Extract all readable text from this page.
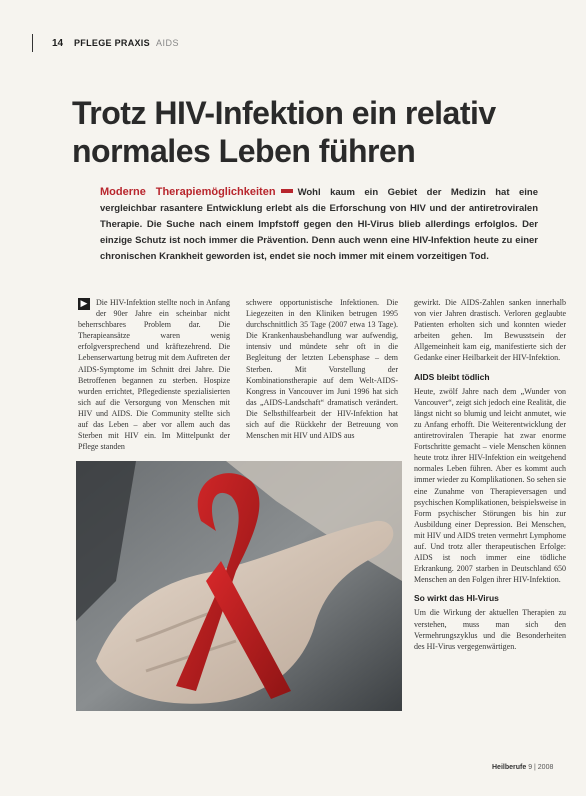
14 PFLEGE PRAXIS AIDS
Trotz HIV-Infektion ein relativ normales Leben führen
Moderne Therapiemöglichkeiten Wohl kaum ein Gebiet der Medizin hat eine vergleichbar rasantere Entwicklung erlebt als die Erforschung von HIV und der antiretroviralen Therapie. Die Suche nach einem Impfstoff gegen den HI-Virus blieb allerdings erfolglos. Der einzige Schutz ist noch immer die Prävention. Denn auch wenn eine HIV-Infektion heute zu einer chronischen Krankheit geworden ist, endet sie noch immer mit einem vorzeitigen Tod.
▶	Die HIV-Infektion stellte noch in Anfang der 90er Jahre ein scheinbar nicht beherrschbares Problem dar. Die Therapieansätze waren wenig erfolgversprechend und kräftezehrend. Die Lebenserwartung betrug mit dem Auftreten der AIDS-Symptome im Schnitt drei Jahre. Die Betroffenen begannen zu sterben. Hospize wurden errichtet, Pflegedienste spezialisierten sich auf die Versorgung von Menschen mit HIV und AIDS. Die Community stellte sich auf das Leben – aber vor allem auch das Sterben mit HIV ein. Im Mittelpunkt der Pflege standen

schwere opportunistische Infektionen. Die Liegezeiten in den Kliniken betrugen 1995 durchschnittlich 35 Tage (2007 etwa 13 Tage). Die Krankenhausbehandlung war aufwendig, intensiv und mündete sehr oft in die Begleitung der letzten Lebensphase – dem Sterben. Mit Vorstellung der Kombinationstherapie auf dem Welt-AIDS-Kongress in Vancouver im Juni 1996 hat sich das „AIDS-Landschaft“ dramatisch verändert. Die Selbsthilfearbeit der HIV-Infektion hat sich auf die Rückkehr der Betreuung von Menschen mit HIV und AIDS aus

gewirkt. Die AIDS-Zahlen sanken innerhalb von vier Jahren drastisch. Verloren geglaubte Patienten erholten sich und konnten wieder arbeiten gehen. Im Bewusstsein der Allgemeinheit kam eig, manifestierte sich der Gedanke einer Heilbarkeit der HIV-Infektion.

AIDS bleibt tödlich

Heute, zwölf Jahre nach dem „Wunder von Vancouver“, zeigt sich jedoch eine Realität, die längst nicht so blumig und leicht anmutet, wie zu Anfang erhofft. Die Weiterentwicklung der antiretroviralen Therapie hat zwar enorme Fortschritte gemacht – viele Menschen können heute trotz ihrer HIV-Infektion ein weitgehend normales Leben führen. Aber es kommt auch immer wieder zu Komplikationen. So sehen sie eine Zunahme von Therapieversagen und psychischen Komplikationen, beispielsweise in Form psychischer Störungen bis hin zur Ausbildung einer Depression. Bei Menschen, mit HIV und AIDS treten vermehrt Lymphome auf. Und trotz aller therapeutischen Erfolge: AIDS ist noch immer eine tödliche Erkrankung. 2007 starben in Deutschland 650 Menschen an den Folgen ihrer HIV-Infektion.

So wirkt das HI-Virus

Um die Wirkung der aktuellen Therapien zu verstehen, muss man sich den Vermehrungszyklus und die Besonderheiten des HI-Virus vergegenwärtigen.

Heilberufe 9 | 2008
